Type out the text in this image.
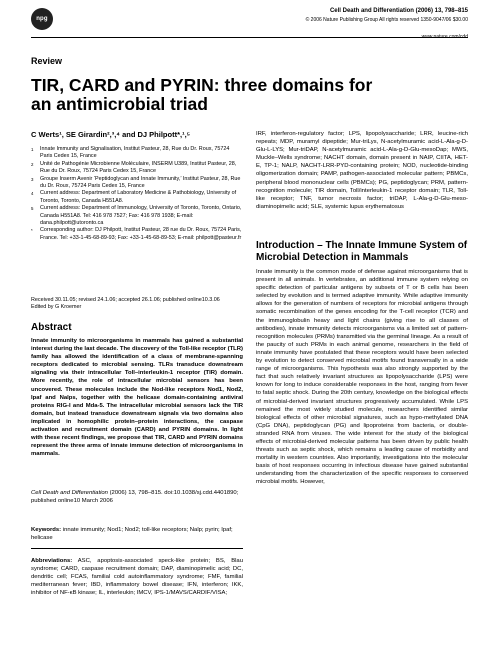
npg
Cell Death and Differentiation (2006) 13, 798–815
© 2006 Nature Publishing Group All rights reserved 1350-9047/06 $30.00
www.nature.com/cdd
Review
TIR, CARD and PYRIN: three domains for an antimicrobial triad
C Werts¹, SE Girardin²,³,⁴ and DJ Philpott*,¹,⁵
1 Innate Immunity and Signalisation, Institut Pasteur, 28, Rue du Dr. Roux, 75724 Paris Cedex 15, France
2 Unité de Pathogénie Microbienne Moléculaire, INSERM U389, Institut Pasteur, 28, Rue du Dr. Roux, 75724 Paris Cedex 15, France
3 Groupe Inserm Avenir ‘Peptidoglycan and Innate Immunity,’ Institut Pasteur, 28, Rue du Dr. Roux, 75724 Paris Cedex 15, France
4 Current address: Department of Laboratory Medicine & Pathobiology, University of Toronto, Toronto, Canada H551A8.
5 Current address: Department of Immunology, University of Toronto, Toronto, Ontario, Canada H551A8. Tel: 416 978 7527; Fax: 416 978 1938; E-mail: dana.philpott@utoronto.ca
* Corresponding author: DJ Philpott, Institut Pasteur, 28 rue du Dr. Roux, 75724 Paris, France. Tel: +33-1-45-68-89-93; Fax: +33-1-45-68-89-53; E-mail: philpott@pasteur.fr
Received 30.11.05; revised 24.1.06; accepted 26.1.06; published online10.3.06
Edited by G Kroemer
Abstract
Innate immunity to microorganisms in mammals has gained a substantial interest during the last decade. The discovery of the Toll-like receptor (TLR) family has allowed the identification of a class of membrane-spanning receptors dedicated to microbial sensing. TLRs transduce downstream signaling via their intracellular Toll–interleukin-1 receptor (TIR) domain. More recently, the role of intracellular microbial sensors has been uncovered. These molecules include the Nod-like receptors Nod1, Nod2, Ipaf and Nalps, together with the helicase domain-containing antiviral proteins RIG-I and Mda-5. The intracellular microbial sensors lack the TIR domain, but instead transduce downstream signals via two domains also implicated in homophilic protein–protein interactions, the caspase activation and recruitment domain (CARD) and PYRIN domains. In light with these recent findings, we propose that TIR, CARD and PYRIN domains represent the three arms of innate immune detection of microorganisms in mammals.
Cell Death and Differentiation (2006) 13, 798–815. doi:10.1038/sj.cdd.4401890; published online10 March 2006
Keywords: innate immunity; Nod1; Nod2; toll-like receptors; Nalp; pyrin; Ipaf; helicase
Abbreviations: ASC, apoptosis-associated speck-like protein; BS, Blau syndrome; CARD, caspase recruitment domain; DAP, diaminopimelic acid; DC, dendritic cell; FCAS, familial cold autoinflammatory syndrome; FMF, familial mediterranean fever; IBD, inflammatory bowel disease; IFN, interferon; IKK, inhibitor of NF-κB kinase; IL, interleukin; IMCV, IPS-1/MAVS/CARDIF/VISA;
IRF, interferon-regulatory factor; LPS, lipopolysaccharide; LRR, leucine-rich repeats; MDP, muramyl dipeptide; Mur-triLys, N-acetylmuramic acid-L-Ala-g-D-Glu-L-LYS; Mur-triDAP, N-acetylmuramic acid-L-Ala-g-D-Glu-mesoDap; MWS, Muckle–Wells syndrome; NACHT domain, domain present in NAIP, CIITA, HET-E, TP-1; NALP, NACHT-LRR-PYD-containing protein; NOD, nucleotide-binding oligomerization domain; PAMP, pathogen-associated molecular pattern; PBMCs, peripheral blood mononuclear cells (PBMCs); PG, peptidoglycan; PRM, pattern-recognition molecule; TIR domain, Toll/interleukin-1 receptor domain; TLR, Toll-like receptor; TNF, tumor necrosis factor; triDAP, L-Ala-g-D-Glu-meso-diaminopimelic acid; SLE, systemic lupus erythematosus
Introduction – The Innate Immune System of Microbial Detection in Mammals
Innate immunity is the common mode of defense against microorganisms that is present in all animals. In vertebrates, an additional immune system relying on specific detection of particular antigens by subsets of T or B cells has been selected by evolution and is termed adaptive immunity. While adaptive immunity allows for the generation of numbers of receptors for microbial antigens through somatic recombination of the genes encoding for the T-cell receptor (TCR) and the immunoglobulin heavy and light chains (giving rise to all classes of antibodies), innate immunity detects microorganisms via a limited set of pattern-recognition molecules (PRMs) transmitted via the germinal lineage. As a result of the paucity of such PRMs in each animal genome, researchers in the field of innate immunity have postulated that these receptors would have been selected by evolution to detect conserved microbial motifs found transversally in a wide range of microorganisms. This hypothesis was also strongly supported by the fact that such relatively invariant structures as lipopolysaccharide (LPS) were known for long to induce considerable responses in the host, ranging from fever to fatal septic shock. During the 20th century, knowledge on the biological effects of microbial-derived invariant structures progressively accumulated. While LPS remained the most widely studied molecule, researchers identified similar biological effects of other microbial signatures, such as hypo-methylated DNA (CpG DNA), peptidoglycan (PG) and lipoproteins from bacteria, or double-stranded RNA from viruses. The wide interest for the study of the biological effects of microbial-derived molecular patterns has been driven by public health threats such as septic shock, which remains a leading cause of morbidity and mortality in western countries. Also importantly, investigations into the molecular basis of host responses occurring in infectious disease have gained substantial understanding from the characterization of the specific responses to conserved microbial motifs. However,
